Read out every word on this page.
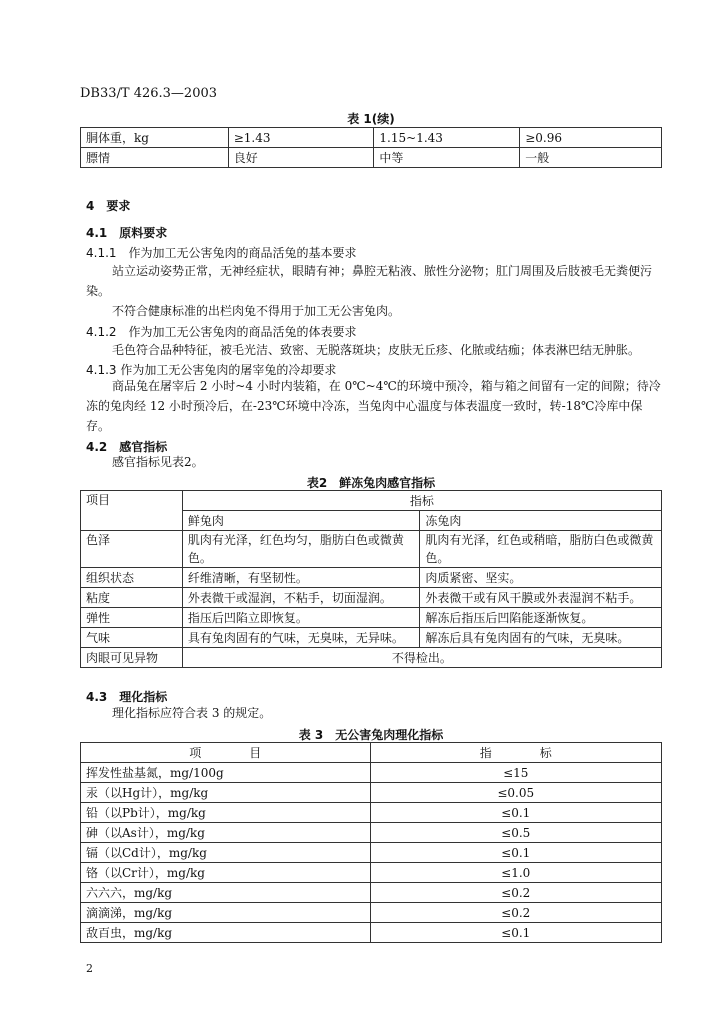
DB33/T 426.3—2003
表 1(续)
胴体重，kg	≥1.43	1.15~1.43	≥0.96
膘情	良好	中等	一般
4　要求
4.1　原料要求
4.1.1　作为加工无公害兔肉的商品活兔的基本要求
站立运动姿势正常，无神经症状，眼睛有神；鼻腔无粘液、脓性分泌物；肛门周围及后肢被毛无粪便污染。
不符合健康标准的出栏肉兔不得用于加工无公害兔肉。
4.1.2　作为加工无公害兔肉的商品活兔的体表要求
毛色符合品种特征，被毛光洁、致密、无脱落斑块；皮肤无丘疹、化脓或结痂；体表淋巴结无肿胀。
4.1.3 作为加工无公害兔肉的屠宰兔的冷却要求
商品兔在屠宰后 2 小时~4 小时内装箱，在 0℃~4℃的环境中预冷，箱与箱之间留有一定的间隙；待冷冻的兔肉经 12 小时预冷后，在-23℃环境中冷冻，当兔肉中心温度与体表温度一致时，转-18℃冷库中保存。
4.2　感官指标
感官指标见表2。
表2　鲜冻兔肉感官指标
项目	指标	
	鲜兔肉	冻兔肉
色泽	肌肉有光泽，红色均匀，脂肪白色或微黄色。	肌肉有光泽，红色或稍暗，脂肪白色或微黄色。
组织状态	纤维清晰，有坚韧性。	肉质紧密、坚实。
粘度	外表微干或湿润，不粘手，切面湿润。	外表微干或有风干膜或外表湿润不粘手。
弹性	指压后凹陷立即恢复。	解冻后指压后凹陷能逐渐恢复。
气味	具有兔肉固有的气味，无臭味，无异味。	解冻后具有兔肉固有的气味，无臭味。
肉眼可见异物	不得检出。	
4.3　理化指标
理化指标应符合表 3 的规定。
表 3　无公害兔肉理化指标
项　　　　目	指　　　　标
挥发性盐基氮，mg/100g	≤15
汞（以Hg计），mg/kg	≤0.05
铅（以Pb计），mg/kg	≤0.1
砷（以As计），mg/kg	≤0.5
镉（以Cd计），mg/kg	≤0.1
铬（以Cr计），mg/kg	≤1.0
六六六，mg/kg	≤0.2
滴滴涕，mg/kg	≤0.2
敌百虫，mg/kg	≤0.1
2
